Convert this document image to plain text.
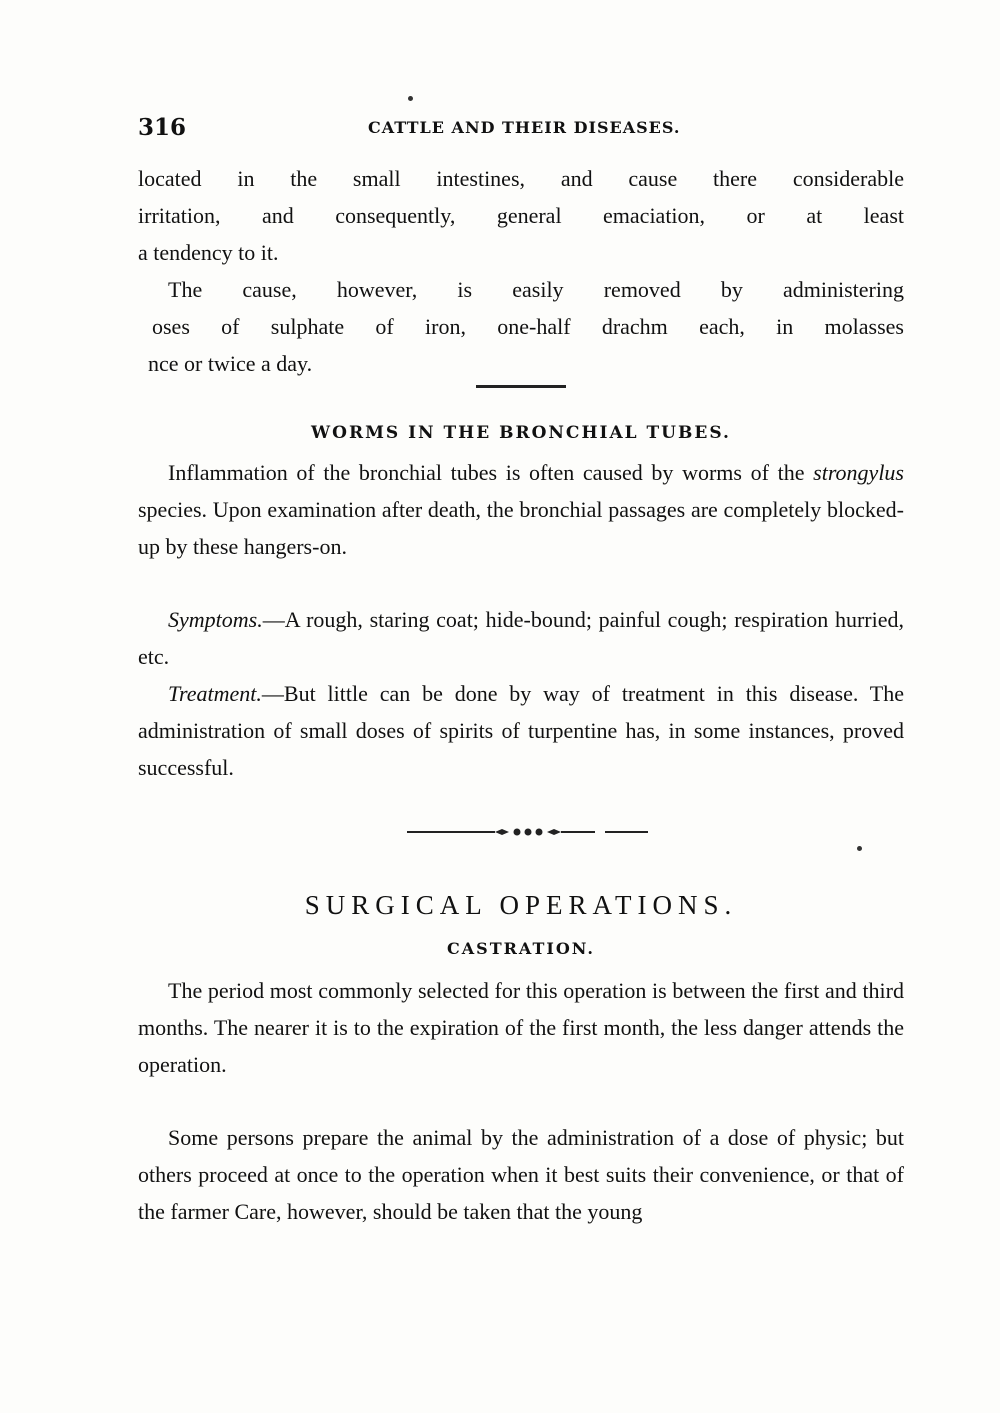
316	CATTLE AND THEIR DISEASES.

located in the small intestines, and cause there considerable

irritation, and consequently, general emaciation, or at least

a tendency to it.

The cause, however, is easily removed by administering

oses of sulphate of iron, one-half drachm each, in molasses

nce or twice a day.

WORMS IN THE BRONCHIAL TUBES.

Inflammation of the bronchial tubes is often caused by worms of the strongylus species. Upon examination after death, the bronchial passages are completely blocked-up by these hangers-on.

Symptoms.—A rough, staring coat; hide-bound; painful cough; respiration hurried, etc.

Treatment.—But little can be done by way of treatment in this disease. The administration of small doses of spirits of turpentine has, in some instances, proved successful.

SURGICAL OPERATIONS.
CASTRATION.

The period most commonly selected for this operation is between the first and third months. The nearer it is to the expiration of the first month, the less danger attends the operation.

Some persons prepare the animal by the administration of a dose of physic; but others proceed at once to the operation when it best suits their convenience, or that of the farmer Care, however, should be taken that the young
